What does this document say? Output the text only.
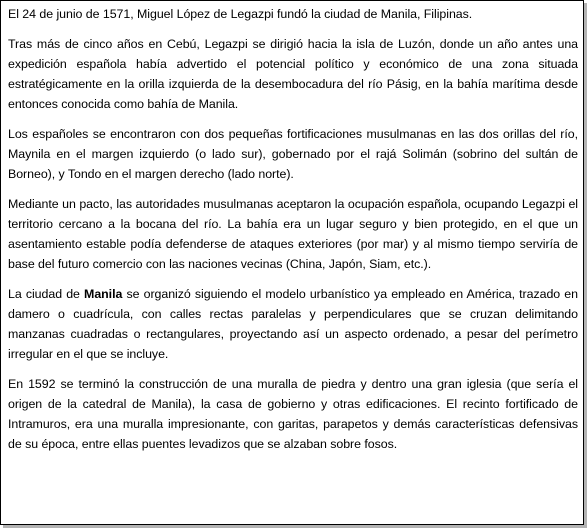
El 24 de junio de 1571, Miguel López de Legazpi fundó la ciudad de Manila, Filipinas.

Tras más de cinco años en Cebú, Legazpi se dirigió hacia la isla de Luzón, donde un año antes una expedición española había advertido el potencial político y económico de una zona situada estratégicamente en la orilla izquierda de la desembocadura del río Pásig, en la bahía marítima desde entonces conocida como bahía de Manila.

Los españoles se encontraron con dos pequeñas fortificaciones musulmanas en las dos orillas del río, Maynila en el margen izquierdo (o lado sur), gobernado por el rajá Solimán (sobrino del sultán de Borneo), y Tondo en el margen derecho (lado norte).

Mediante un pacto, las autoridades musulmanas aceptaron la ocupación española, ocupando Legazpi el territorio cercano a la bocana del río. La bahía era un lugar seguro y bien protegido, en el que un asentamiento estable podía defenderse de ataques exteriores (por mar) y al mismo tiempo serviría de base del futuro comercio con las naciones vecinas (China, Japón, Siam, etc.).

La ciudad de Manila se organizó siguiendo el modelo urbanístico ya empleado en América, trazado en damero o cuadrícula, con calles rectas paralelas y perpendiculares que se cruzan delimitando manzanas cuadradas o rectangulares, proyectando así un aspecto ordenado, a pesar del perímetro irregular en el que se incluye.

En 1592 se terminó la construcción de una muralla de piedra y dentro una gran iglesia (que sería el origen de la catedral de Manila), la casa de gobierno y otras edificaciones. El recinto fortificado de Intramuros, era una muralla impresionante, con garitas, parapetos y demás características defensivas de su época, entre ellas puentes levadizos que se alzaban sobre fosos.
